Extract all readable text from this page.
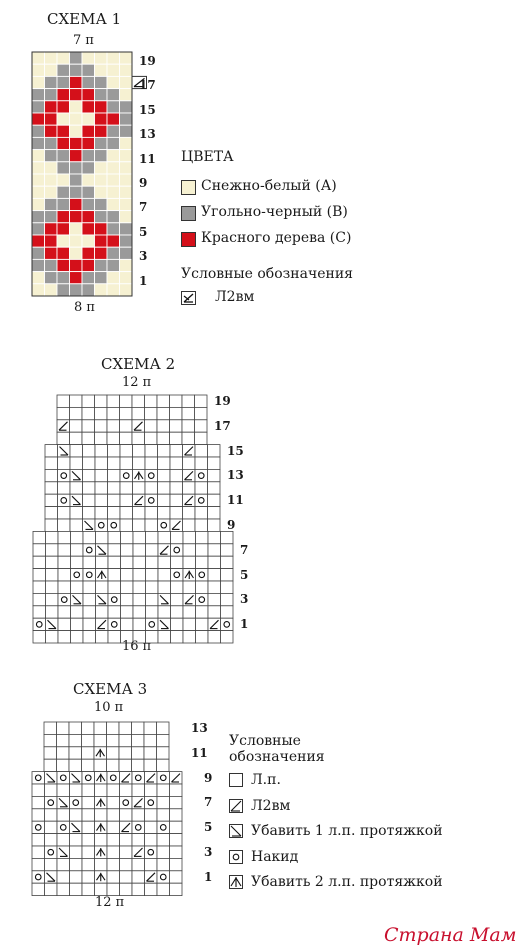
СХЕМА 1
7 п
19
17
15
13
11
9
7
5
3
1
8 п
ЦВЕТА
Снежно-белый (А)
Угольно-черный (В)
Красного дерева (С)
Условные обозначения
Л2вм
СХЕМА 2
12 п
19
17
15
13
11
9
7
5
3
1
16 п
СХЕМА 3
10 п
13
11
9
7
5
3
1
12 п
Условные
обозначения
Л.п.
Л2вм
Убавить 1 л.п. протяжкой
Накид
Убавить 2 л.п. протяжкой
Страна Мам
